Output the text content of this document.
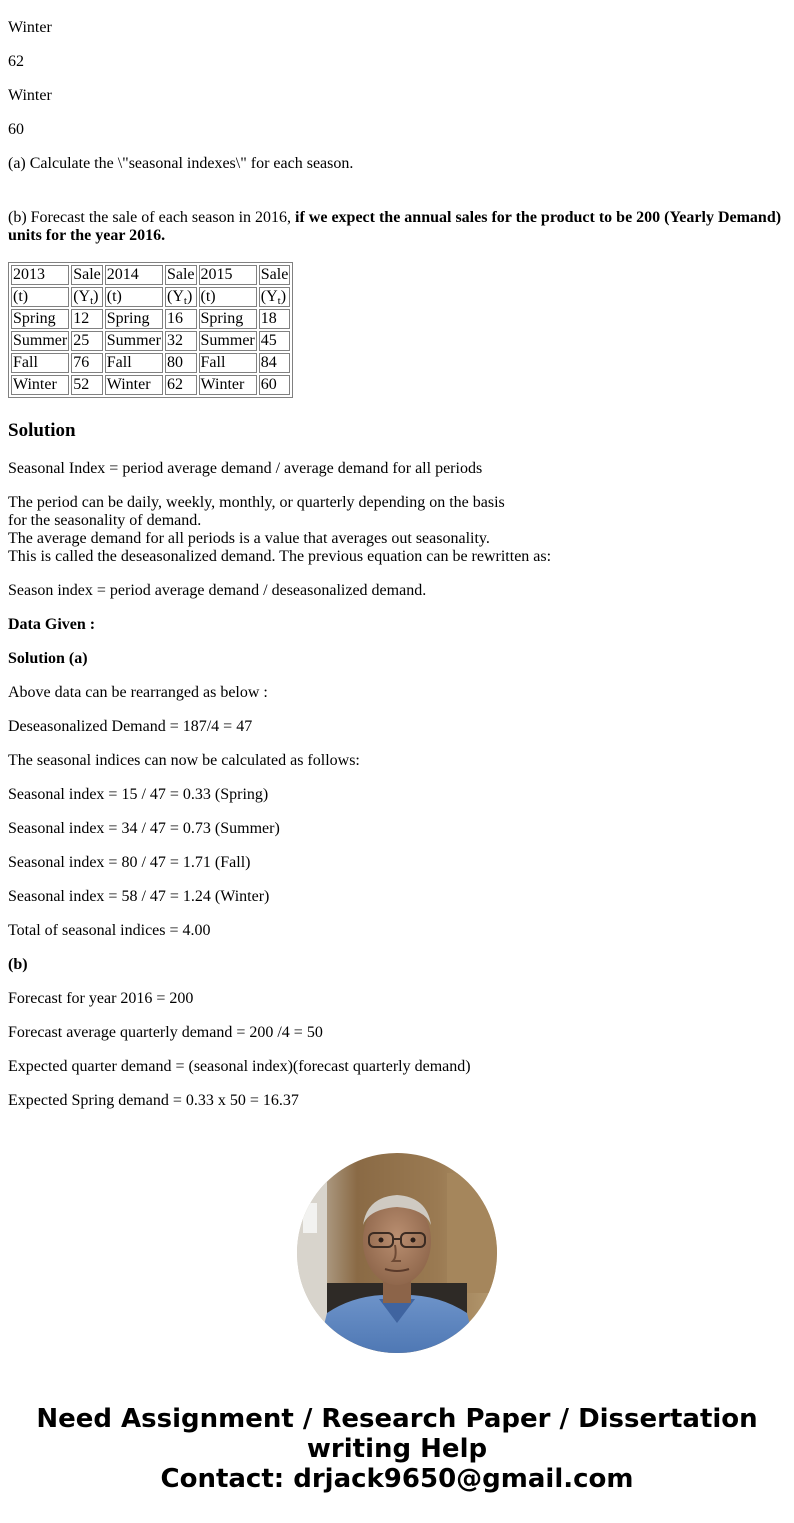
Winter

62

Winter

60

(a) Calculate the \"seasonal indexes\" for each season.

(b) Forecast the sale of each season in 2016, if we expect the annual sales for the product to be 200 (Yearly Demand) units for the year 2016.

2013	Sale	2014	Sale	2015	Sale
(t)	$(Y_t)$	(t)	$(Y_t)$	(t)	$(Y_t)$
Spring	12	Spring	16	Spring	18
Summer	25	Summer	32	Summer	45
Fall	76	Fall	80	Fall	84
Winter	52	Winter	62	Winter	60
Solution

Seasonal Index = period average demand / average demand for all periods

The period can be daily, weekly, monthly, or quarterly depending on the basis

for the seasonality of demand.

The average demand for all periods is a value that averages out seasonality.

This is called the deseasonalized demand. The previous equation can be rewritten as:

Season index = period average demand / deseasonalized demand.

Data Given :

Solution (a)

Above data can be rearranged as below :

Deseasonalized Demand = 187/4 = 47

The seasonal indices can now be calculated as follows:

Seasonal index = 15 / 47 = 0.33 (Spring)

Seasonal index = 34 / 47 = 0.73 (Summer)

Seasonal index = 80 / 47 = 1.71 (Fall)

Seasonal index = 58 / 47 = 1.24 (Winter)

Total of seasonal indices = 4.00

(b)

Forecast for year 2016 = 200

Forecast average quarterly demand = 200 /4 = 50

Expected quarter demand = (seasonal index)(forecast quarterly demand)

Expected Spring demand = 0.33 x 50 = 16.37

Need Assignment / Research Paper / Dissertation
writing Help
Contact: drjack9650@gmail.com
